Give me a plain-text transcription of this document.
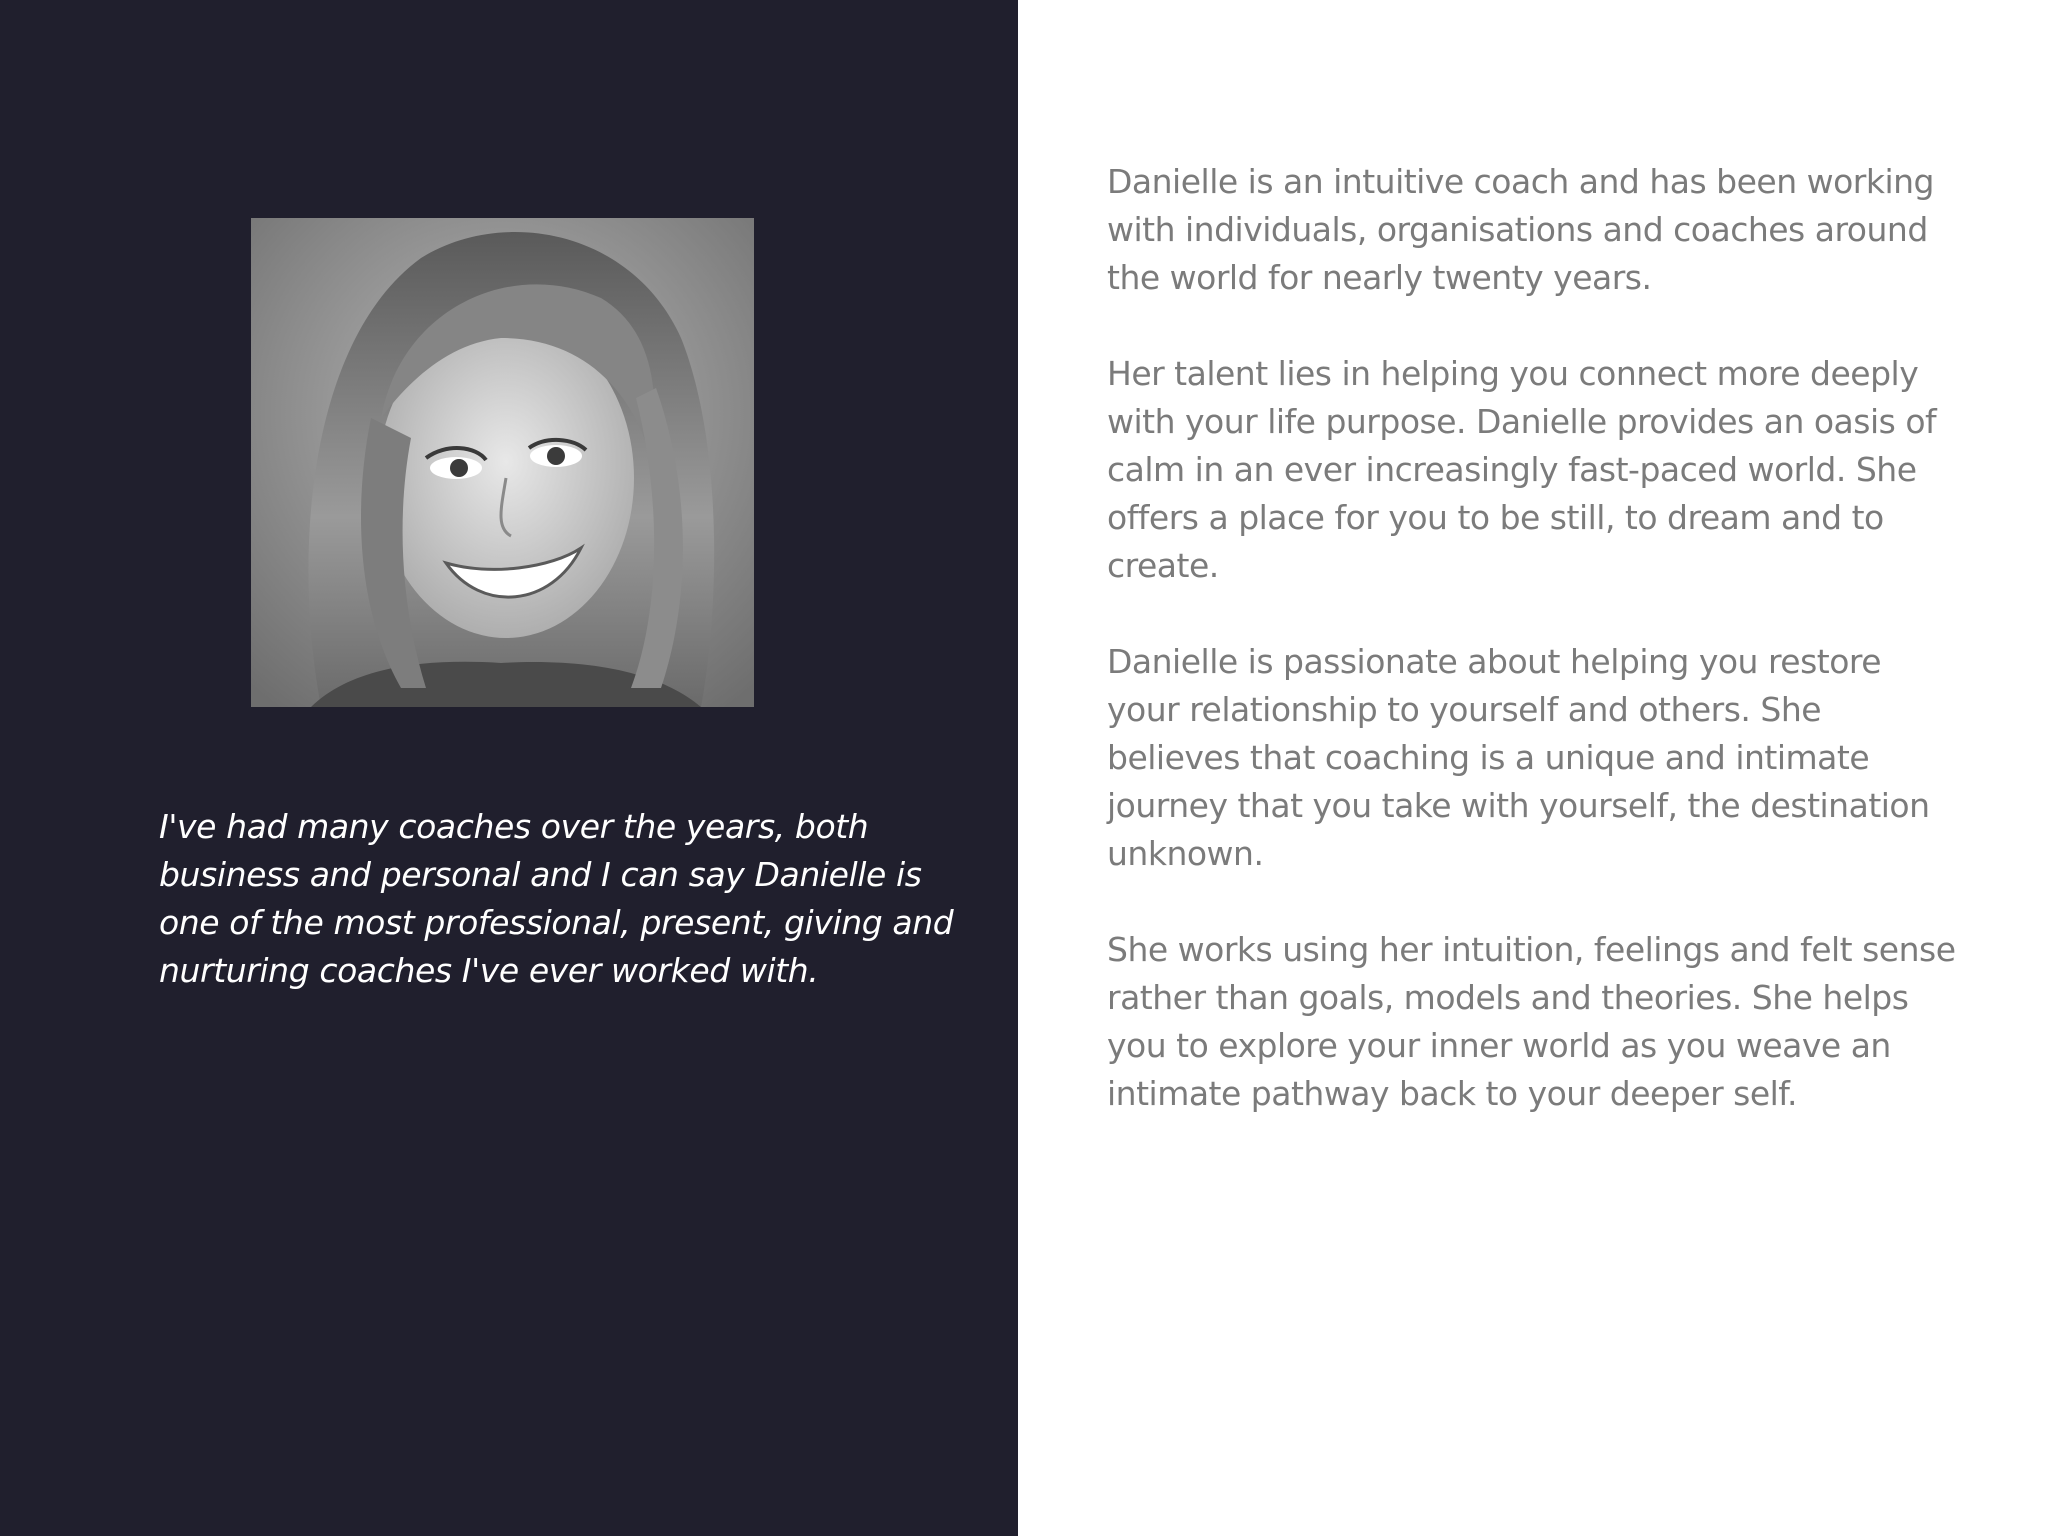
I've had many coaches over the years, both
business and personal and I can say Danielle is
one of the most professional, present, giving and
nurturing coaches I've ever worked with.

Danielle is an intuitive coach and has been working
with individuals, organisations and coaches around
the world for nearly twenty years.

Her talent lies in helping you connect more deeply
with your life purpose. Danielle provides an oasis of
calm in an ever increasingly fast-paced world. She
offers a place for you to be still, to dream and to
create.

Danielle is passionate about helping you restore
your relationship to yourself and others. She
believes that coaching is a unique and intimate
journey that you take with yourself, the destination
unknown.

She works using her intuition, feelings and felt sense
rather than goals, models and theories. She helps
you to explore your inner world as you weave an
intimate pathway back to your deeper self.
